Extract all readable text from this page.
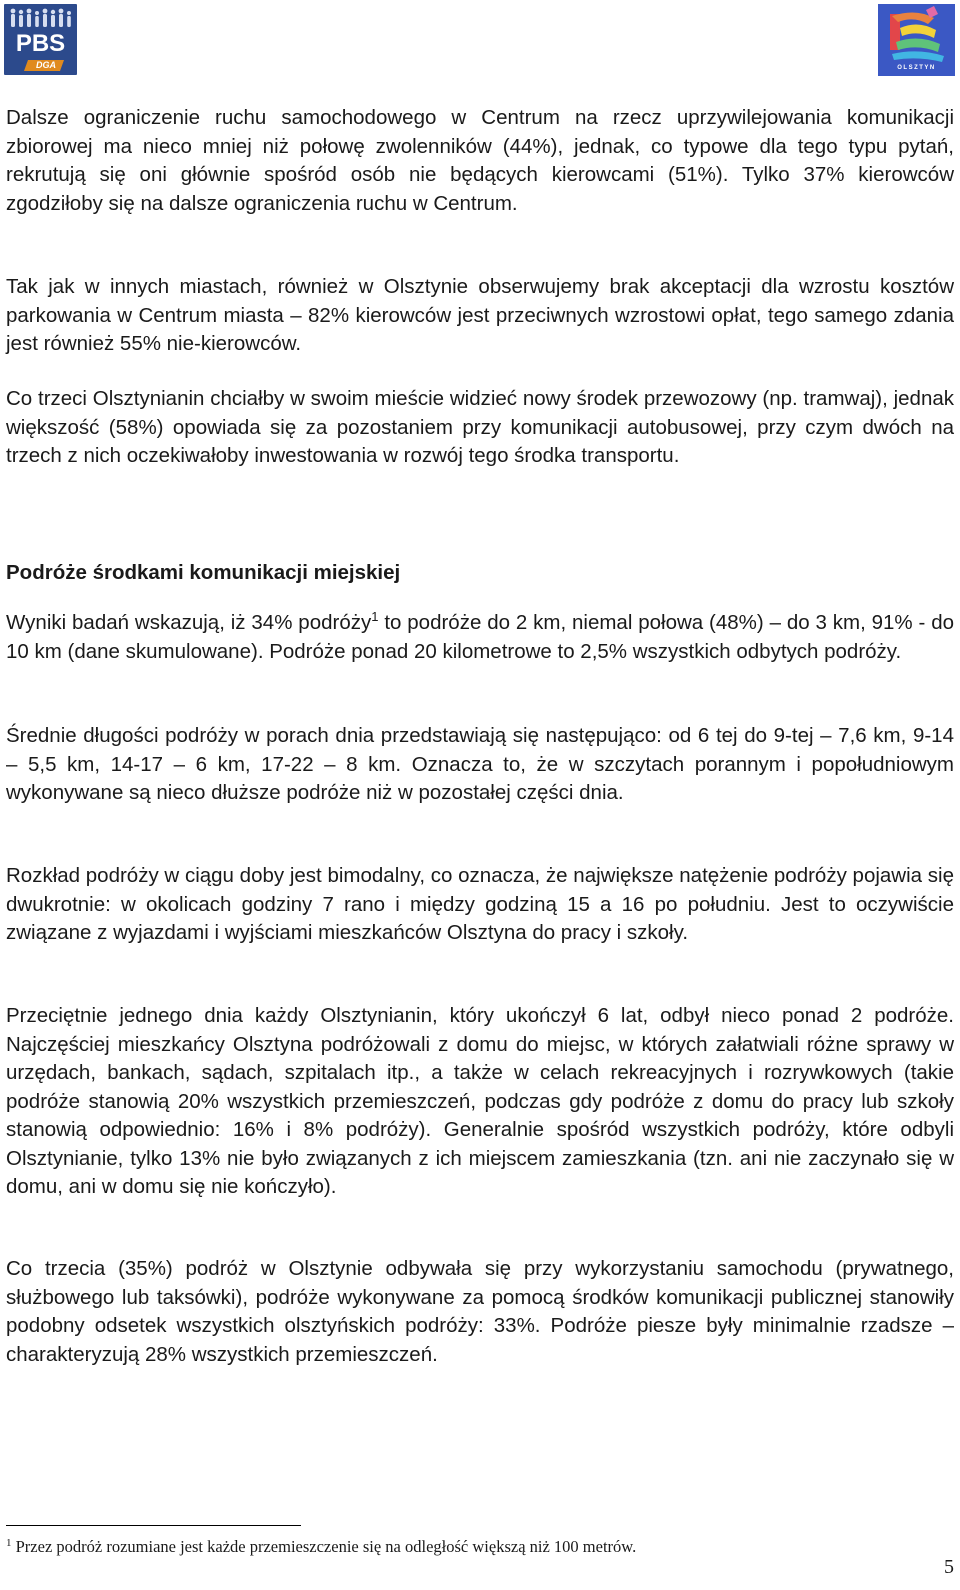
PBS
DGA	OLSZTYN

Dalsze ograniczenie ruchu samochodowego w Centrum na rzecz uprzywilejowania komunikacji zbiorowej ma nieco mniej niż połowę zwolenników (44%), jednak, co typowe dla tego typu pytań, rekrutują się oni głównie spośród osób nie będących kierowcami (51%). Tylko 37% kierowców zgodziłoby się na dalsze ograniczenia ruchu w Centrum.

Tak jak w innych miastach, również w Olsztynie obserwujemy brak akceptacji dla wzrostu kosztów parkowania w Centrum miasta – 82% kierowców jest przeciwnych wzrostowi opłat, tego samego zdania jest również 55% nie-kierowców.

Co trzeci Olsztynianin chciałby w swoim mieście widzieć nowy środek przewozowy (np. tramwaj), jednak większość (58%) opowiada się za pozostaniem przy komunikacji autobusowej, przy czym dwóch na trzech z nich oczekiwałoby inwestowania w rozwój tego środka transportu.

Podróże środkami komunikacji miejskiej

Wyniki badań wskazują, iż 34% podróży$^1$ to podróże do 2 km, niemal połowa (48%) – do 3 km, 91% - do 10 km (dane skumulowane). Podróże ponad 20 kilometrowe to 2,5% wszystkich odbytych podróży.

Średnie długości podróży w porach dnia przedstawiają się następująco: od 6 tej do 9-tej – 7,6 km, 9-14 – 5,5 km, 14-17 – 6 km, 17-22 – 8 km. Oznacza to, że w szczytach porannym i popołudniowym wykonywane są nieco dłuższe podróże niż w pozostałej części dnia.

Rozkład podróży w ciągu doby jest bimodalny, co oznacza, że największe natężenie podróży pojawia się dwukrotnie: w okolicach godziny 7 rano i między godziną 15 a 16 po południu. Jest to oczywiście związane z wyjazdami i wyjściami mieszkańców Olsztyna do pracy i szkoły.

Przeciętnie jednego dnia każdy Olsztynianin, który ukończył 6 lat, odbył nieco ponad 2 podróże. Najczęściej mieszkańcy Olsztyna podróżowali z domu do miejsc, w których załatwiali różne sprawy w urzędach, bankach, sądach, szpitalach itp., a także w celach rekreacyjnych i rozrywkowych (takie podróże stanowią 20% wszystkich przemieszczeń, podczas gdy podróże z domu do pracy lub szkoły stanowią odpowiednio: 16% i 8% podróży). Generalnie spośród wszystkich podróży, które odbyli Olsztynianie, tylko 13% nie było związanych z ich miejscem zamieszkania (tzn. ani nie zaczynało się w domu, ani w domu się nie kończyło).

Co trzecia (35%) podróż w Olsztynie odbywała się przy wykorzystaniu samochodu (prywatnego, służbowego lub taksówki), podróże wykonywane za pomocą środków komunikacji publicznej stanowiły podobny odsetek wszystkich olsztyńskich podróży: 33%. Podróże piesze były minimalnie rzadsze – charakteryzują 28% wszystkich przemieszczeń.

$^1$ Przez podróż rozumiane jest każde przemieszczenie się na odległość większą niż 100 metrów.
5
